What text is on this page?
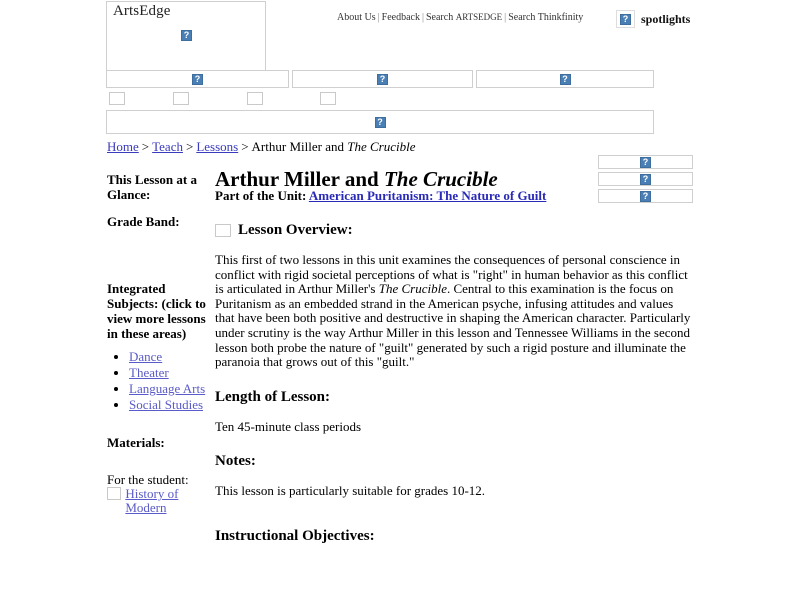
ArtsEdge
?	About Us | Feedback | Search ARTSEDGE | Search Thinkfinity ?	spotlights
?
?
?
?
Home > Teach > Lessons > Arthur Miller and The Crucible
Arthur Miller and The Crucible
?
?
?
This Lesson at a Glance:
Grade Band:
Integrated Subjects: (click to view more lessons in these areas)
• Dance
• Theater
• Language Arts
• Social Studies
Materials:
For the student:
History of Modern
Part of the Unit: American Puritanism: The Nature of Guilt
Lesson Overview:

This first of two lessons in this unit examines the consequences of personal conscience in conflict with rigid societal perceptions of what is "right" in human behavior as this conflict is articulated in Arthur Miller's The Crucible. Central to this examination is the focus on Puritanism as an embedded strand in the American psyche, infusing attitudes and values that have been both positive and destructive in shaping the American character. Particularly under scrutiny is the way Arthur Miller in this lesson and Tennessee Williams in the second lesson both probe the nature of "guilt" generated by such a rigid posture and illuminate the paranoia that grows out of this "guilt."

Length of Lesson:

Ten 45-minute class periods

Notes:

This lesson is particularly suitable for grades 10-12.

Instructional Objectives:
